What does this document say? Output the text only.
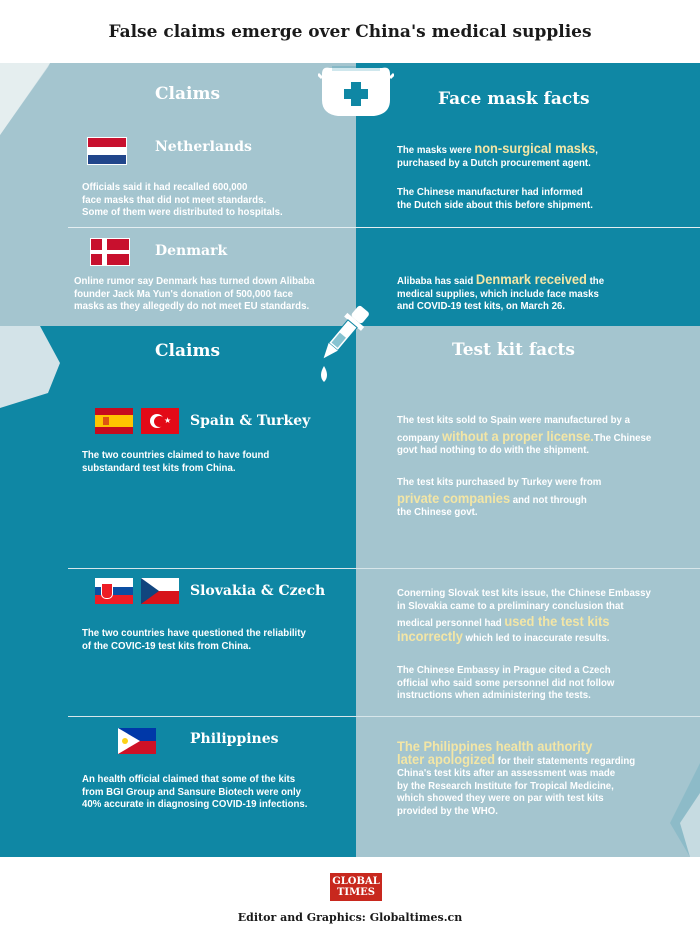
False claims emerge over China's medical supplies
Claims	Face mask facts
Netherlands
Officials said it had recalled 600,000
face masks that did not meet standards.
Some of them were distributed to hospitals.
The masks were non-surgical masks,
purchased by a Dutch procurement agent.
The Chinese manufacturer had informed
the Dutch side about this before shipment.
Denmark
Online rumor say Denmark has turned down Alibaba
founder Jack Ma Yun's donation of 500,000 face
masks as they allegedly do not meet EU standards.
Alibaba has said Denmark received the
medical supplies, which include face masks
and COVID-19 test kits, on March 26.
Claims	Test kit facts
★ Spain & Turkey
The two countries claimed to have found
substandard test kits from China.
The test kits sold to Spain were manufactured by a
company without a proper license.The Chinese
govt had nothing to do with the shipment.
The test kits purchased by Turkey were from
private companies and not through
the Chinese govt.
Slovakia & Czech
The two countries have questioned the reliability
of the COVIC-19 test kits from China.
Conerning Slovak test kits issue, the Chinese Embassy
in Slovakia came to a preliminary conclusion that
medical personnel had used the test kits
incorrectly which led to inaccurate results.
The Chinese Embassy in Prague cited a Czech
official who said some personnel did not follow
instructions when administering the tests.
Philippines
An health official claimed that some of the kits
from BGI Group and Sansure Biotech were only
40% accurate in diagnosing COVID-19 infections.
The Philippines health authority
later apologized for their statements regarding
China's test kits after an assessment was made
by the Research Institute for Tropical Medicine,
which showed they were on par with test kits
provided by the WHO.
GLOBAL
TIMES
Editor and Graphics: Globaltimes.cn
